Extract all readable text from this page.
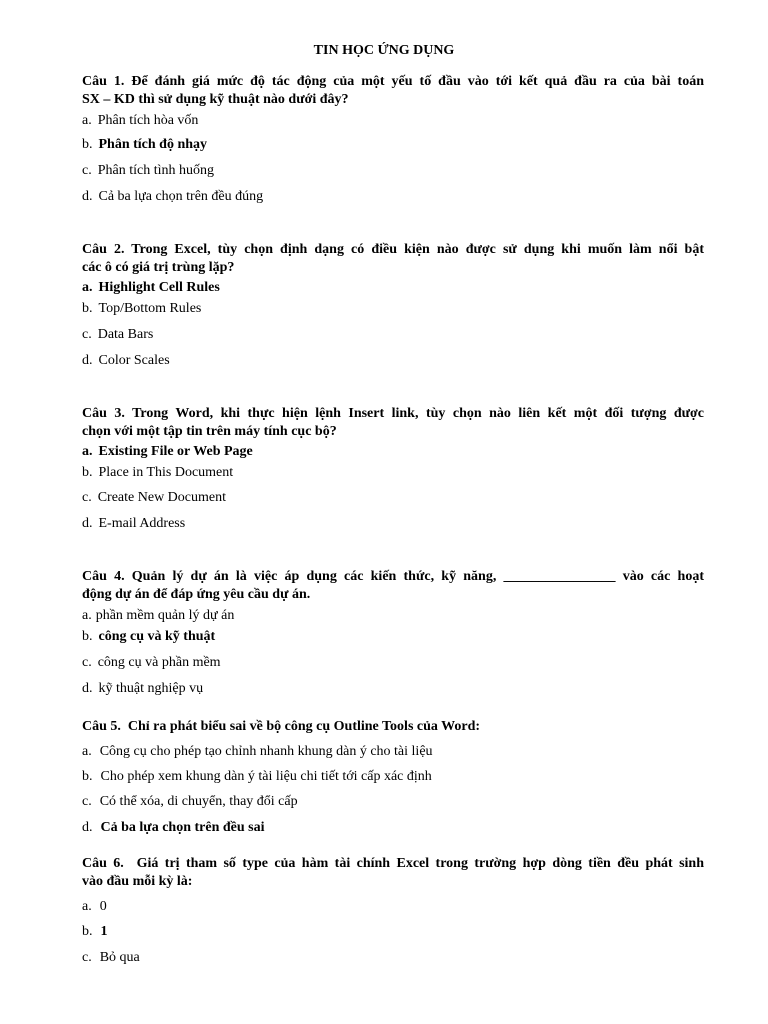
TIN HỌC ỨNG DỤNG
Câu 1. Để đánh giá mức độ tác động của một yếu tố đầu vào tới kết quả đầu ra của bài toán
SX – KD thì sử dụng kỹ thuật nào dưới đây?
a. Phân tích hòa vốn
b. Phân tích độ nhạy
c. Phân tích tình huống
d. Cả ba lựa chọn trên đều đúng
Câu 2. Trong Excel, tùy chọn định dạng có điều kiện nào được sử dụng khi muốn làm nổi bật
các ô có giá trị trùng lặp?
a. Highlight Cell Rules
b. Top/Bottom Rules
c. Data Bars
d. Color Scales
Câu 3. Trong Word, khi thực hiện lệnh Insert link, tùy chọn nào liên kết một đối tượng được
chọn với một tập tin trên máy tính cục bộ?
a. Existing File or Web Page
b. Place in This Document
c. Create New Document
d. E-mail Address
Câu 4. Quản lý dự án là việc áp dụng các kiến thức, kỹ năng, ________________ vào các hoạt
động dự án để đáp ứng yêu cầu dự án.
a. phần mềm quản lý dự án
b. công cụ và kỹ thuật
c. công cụ và phần mềm
d. kỹ thuật nghiệp vụ
Câu 5.  Chỉ ra phát biểu sai về bộ công cụ Outline Tools của Word:
a. Công cụ cho phép tạo chỉnh nhanh khung dàn ý cho tài liệu
b. Cho phép xem khung dàn ý tài liệu chi tiết tới cấp xác định
c. Có thể xóa, di chuyển, thay đổi cấp
d. Cả ba lựa chọn trên đều sai
Câu 6.  Giá trị tham số type của hàm tài chính Excel trong trường hợp dòng tiền đều phát sinh
vào đầu mỗi kỳ là:
a. 0
b. 1
c. Bỏ qua
